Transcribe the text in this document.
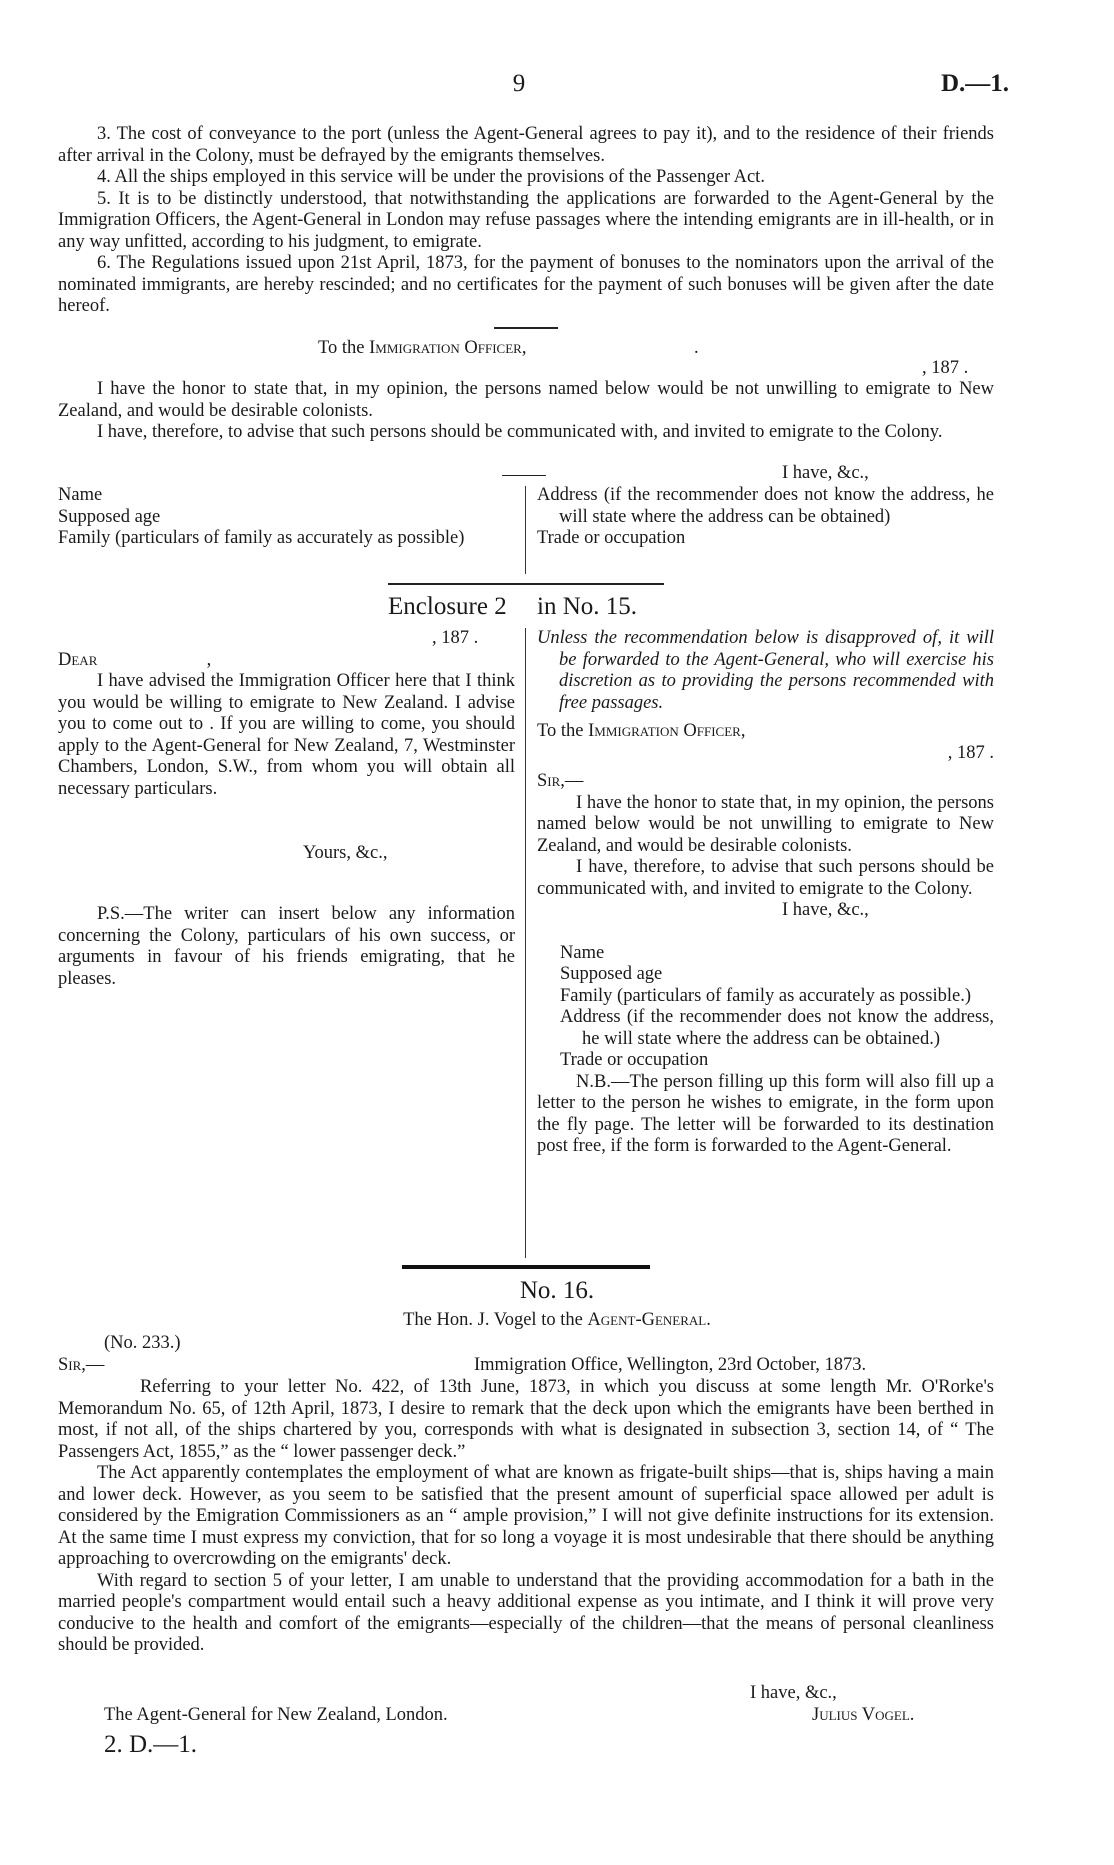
9	D.—1.

3. The cost of conveyance to the port (unless the Agent-General agrees to pay it), and to the residence of their friends after arrival in the Colony, must be defrayed by the emigrants themselves.

4. All the ships employed in this service will be under the provisions of the Passenger Act.

5. It is to be distinctly understood, that notwithstanding the applications are forwarded to the Agent-General by the Immigration Officers, the Agent-General in London may refuse passages where the intending emigrants are in ill-health, or in any way unfitted, according to his judgment, to emigrate.

6. The Regulations issued upon 21st April, 1873, for the payment of bonuses to the nominators upon the arrival of the nominated immigrants, are hereby rescinded; and no certificates for the payment of such bonuses will be given after the date hereof.

To the Immigration Officer,	.
, 187 .

I have the honor to state that, in my opinion, the persons named below would be not unwilling to emigrate to New Zealand, and would be desirable colonists.

I have, therefore, to advise that such persons should be communicated with, and invited to emigrate to the Colony.

I have, &c.,

Name

Supposed age

Family (particulars of family as accurately as possible)

Address (if the recommender does not know the address, he will state where the address can be obtained)

Trade or occupation

Enclosure 2 in No. 15.
, 187 .
Dear	,

I have advised the Immigration Officer here that I think you would be willing to emigrate to New Zealand. I advise you to come out to . If you are willing to come, you should apply to the Agent-General for New Zealand, 7, Westminster Chambers, London, S.W., from whom you will obtain all necessary particulars.

Yours, &c.,

P.S.—The writer can insert below any information concerning the Colony, particulars of his own success, or arguments in favour of his friends emigrating, that he pleases.

Unless the recommendation below is disapproved of, it will be forwarded to the Agent-General, who will exercise his discretion as to providing the persons recommended with free passages.

To the Immigration Officer,

, 187 .

Sir,—

I have the honor to state that, in my opinion, the persons named below would be not unwilling to emigrate to New Zealand, and would be desirable colonists.

I have, therefore, to advise that such persons should be communicated with, and invited to emigrate to the Colony.

I have, &c.,

Name

Supposed age

Family (particulars of family as accurately as possible.)

Address (if the recommender does not know the address, he will state where the address can be obtained.)

Trade or occupation

N.B.—The person filling up this form will also fill up a letter to the person he wishes to emigrate, in the form upon the fly page. The letter will be forwarded to its destination post free, if the form is forwarded to the Agent-General.

No. 16.
The Hon. J. Vogel to the Agent-General.
(No. 233.)
Sir,—	Immigration Office, Wellington, 23rd October, 1873.

Referring to your letter No. 422, of 13th June, 1873, in which you discuss at some length Mr. O'Rorke's Memorandum No. 65, of 12th April, 1873, I desire to remark that the deck upon which the emigrants have been berthed in most, if not all, of the ships chartered by you, corresponds with what is designated in subsection 3, section 14, of “ The Passengers Act, 1855,” as the “ lower passenger deck.”

The Act apparently contemplates the employment of what are known as frigate-built ships—that is, ships having a main and lower deck. However, as you seem to be satisfied that the present amount of superficial space allowed per adult is considered by the Emigration Commissioners as an “ ample provision,” I will not give definite instructions for its extension. At the same time I must express my conviction, that for so long a voyage it is most undesirable that there should be anything approaching to overcrowding on the emigrants' deck.

With regard to section 5 of your letter, I am unable to understand that the providing accommodation for a bath in the married people's compartment would entail such a heavy additional expense as you intimate, and I think it will prove very conducive to the health and comfort of the emigrants—especially of the children—that the means of personal cleanliness should be provided.

I have, &c.,
The Agent-General for New Zealand, London.	Julius Vogel.
2. D.—1.
